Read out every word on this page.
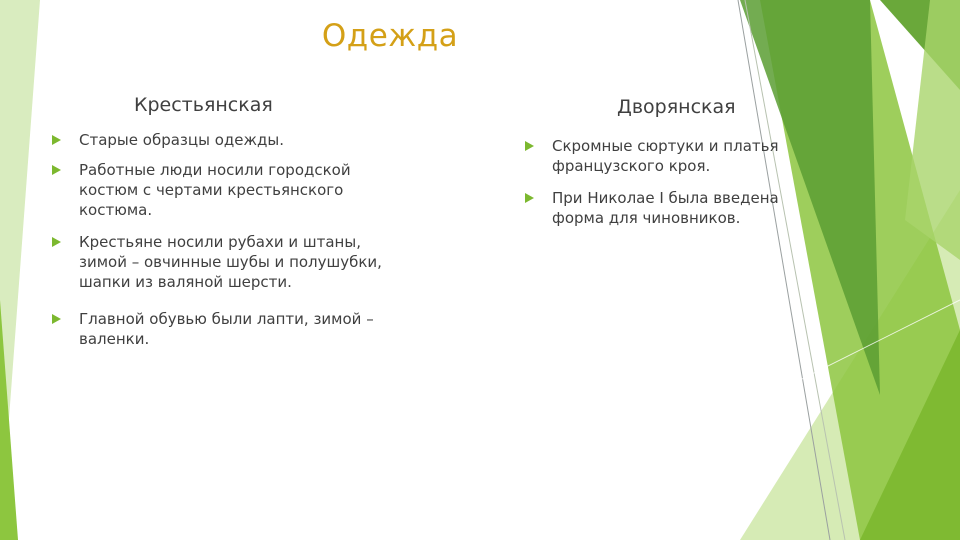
Одежда
Крестьянская
Старые образцы одежды.
Работные люди носили городской костюм с чертами крестьянского костюма.
Крестьяне носили рубахи и штаны, зимой – овчинные шубы и полушубки, шапки из валяной шерсти.
Главной обувью были лапти, зимой – валенки.
Дворянская
Скромные сюртуки и платья французского кроя.
При Николае I была введена форма для чиновников.
